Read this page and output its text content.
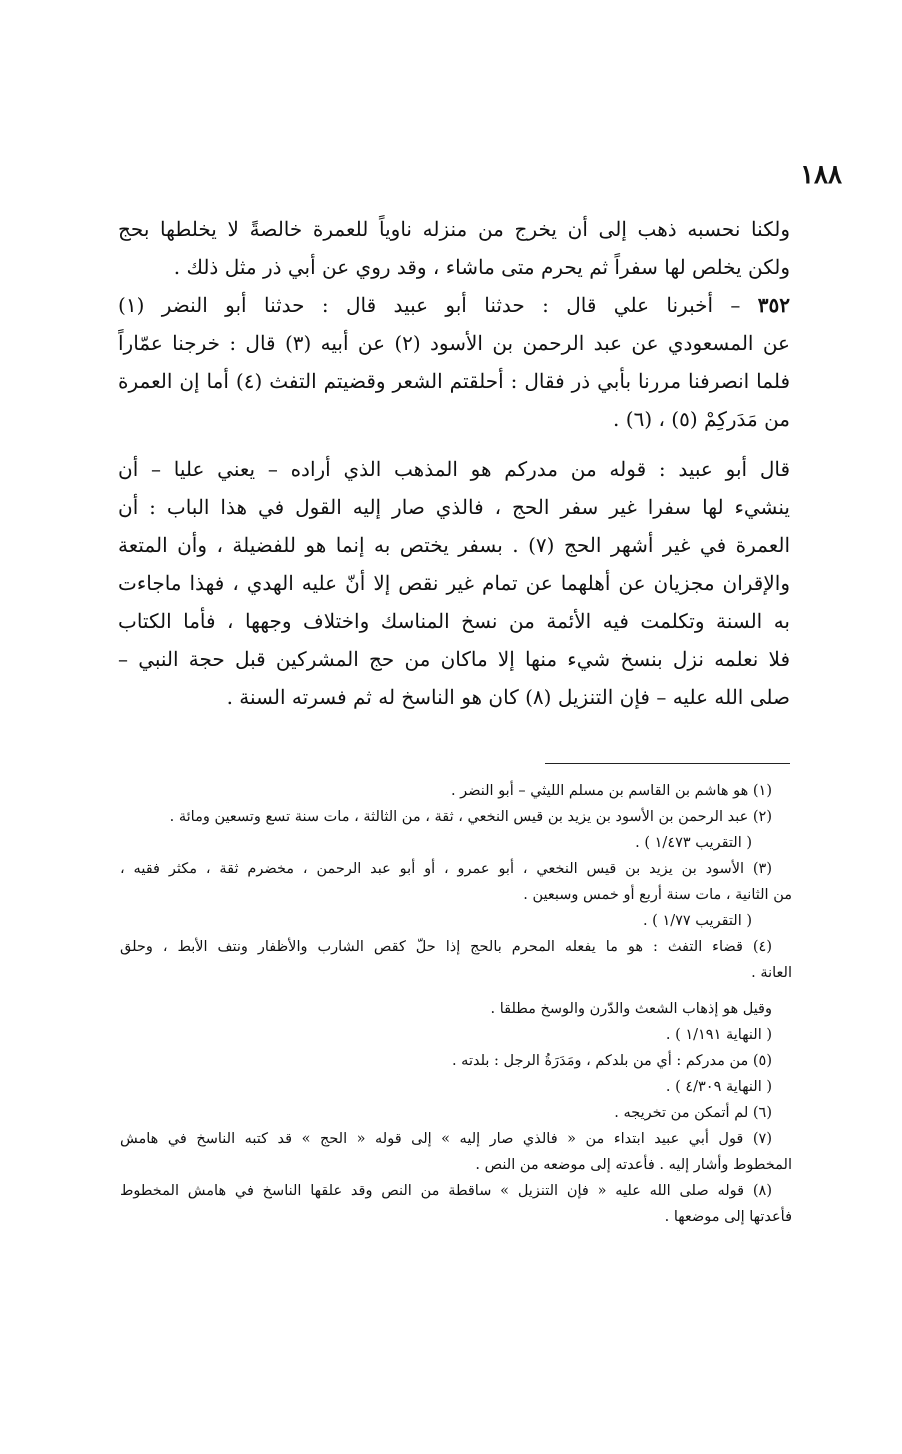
١٨٨
ولكنا نحسبه ذهب إلى أن يخرج من منزله ناوياً للعمرة خالصةً لا يخلطها بحج
ولكن يخلص لها سفراً ثم يحرم متى ماشاء ، وقد روي عن أبي ذر مثل ذلك .
٣٥٢ – أخبرنا علي قال : حدثنا أبو عبيد قال : حدثنا أبو النضر (١)
عن المسعودي عن عبد الرحمن بن الأسود (٢) عن أبيه (٣) قال : خرجنا عمّاراً
فلما انصرفنا مررنا بأبي ذر فقال : أحلقتم الشعر وقضيتم التفث (٤) أما إن العمرة
من مَدَركِمْ (٥) ، (٦) .
قال أبو عبيد : قوله من مدركم هو المذهب الذي أراده – يعني عليا – أن
ينشيء لها سفرا غير سفر الحج ، فالذي صار إليه القول في هذا الباب : أن
العمرة في غير أشهر الحج (٧) . بسفر يختص به إنما هو للفضيلة ، وأن المتعة
والإقران مجزيان عن أهلهما عن تمام غير نقص إلا أنّ عليه الهدي ، فهذا ماجاءت
به السنة وتكلمت فيه الأئمة من نسخ المناسك واختلاف وجهها ، فأما الكتاب
فلا نعلمه نزل بنسخ شيء منها إلا ماكان من حج المشركين قبل حجة النبي –
صلى الله عليه – فإن التنزيل (٨) كان هو الناسخ له ثم فسرته السنة .
(١) هو هاشم بن القاسم بن مسلم الليثي – أبو النضر .
(٢) عبد الرحمن بن الأسود بن يزيد بن قيس النخعي ، ثقة ، من الثالثة ، مات سنة تسع وتسعين ومائة .
( التقريب ١/٤٧٣ ) .
(٣) الأسود بن يزيد بن قيس النخعي ، أبو عمرو ، أو أبو عبد الرحمن ، مخضرم ثقة ، مكثر فقيه ،
من الثانية ، مات سنة أربع أو خمس وسبعين .
( التقريب ١/٧٧ ) .
(٤) قضاء التفث : هو ما يفعله المحرم بالحج إذا حلّ كقص الشارب والأظفار ونتف الأبط ، وحلق
العانة .
وقيل هو إذهاب الشعث والدّرن والوسخ مطلقا .
( النهاية ١/١٩١ ) .
(٥) من مدركم : أي من بلدكم ، ومَدَرَةُ الرجل : بلدته .
( النهاية ٤/٣٠٩ ) .
(٦) لم أتمكن من تخريجه .
(٧) قول أبي عبيد ابتداء من « فالذي صار إليه » إلى قوله « الحج » قد كتبه الناسخ في هامش
المخطوط وأشار إليه . فأعدته إلى موضعه من النص .
(٨) قوله صلى الله عليه « فإن التنزيل » ساقطة من النص وقد علقها الناسخ في هامش المخطوط
فأعدتها إلى موضعها .
